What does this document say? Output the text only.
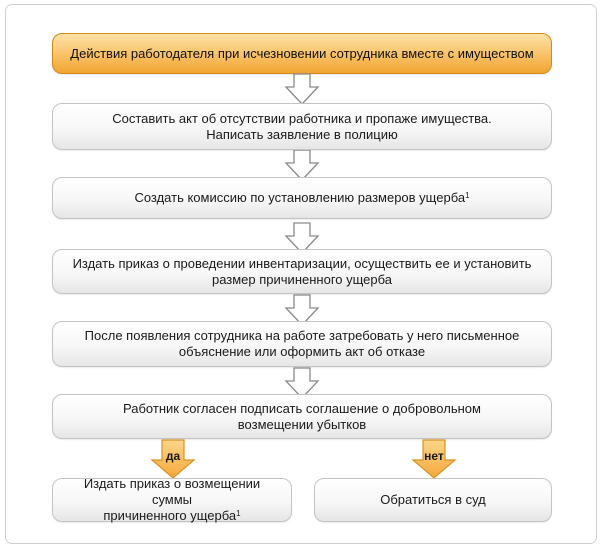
Действия работодателя при исчезновении сотрудника вместе с имуществом
Составить акт об отсутствии работника и пропаже имущества.
Написать заявление в полицию
Создать комиссию по установлению размеров ущерба$^1$
Издать приказ о проведении инвентаризации, осуществить ее и установить
размер причиненного ущерба
После появления сотрудника на работе затребовать у него письменное
объяснение или оформить акт об отказе
Работник согласен подписать соглашение о добровольном
возмещении убытков
да	нет
Издать приказ о возмещении суммы
причиненного ущерба$^1$
Обратиться в суд
